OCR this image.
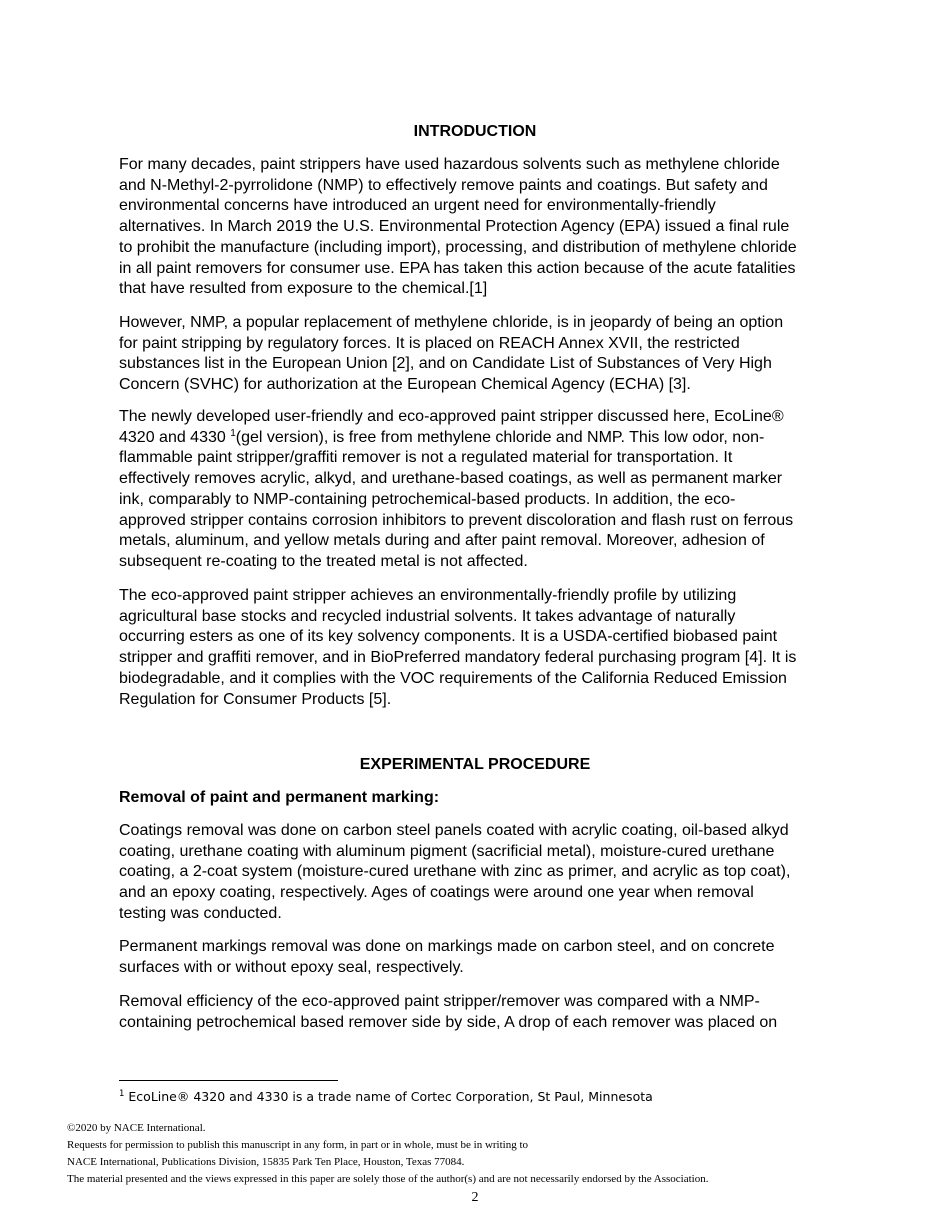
INTRODUCTION

For many decades, paint strippers have used hazardous solvents such as methylene chloride
and N-Methyl-2-pyrrolidone (NMP) to effectively remove paints and coatings. But safety and
environmental concerns have introduced an urgent need for environmentally-friendly
alternatives. In March 2019 the U.S. Environmental Protection Agency (EPA) issued a final rule
to prohibit the manufacture (including import), processing, and distribution of methylene chloride
in all paint removers for consumer use. EPA has taken this action because of the acute fatalities
that have resulted from exposure to the chemical.[1]

However, NMP, a popular replacement of methylene chloride, is in jeopardy of being an option
for paint stripping by regulatory forces. It is placed on REACH Annex XVII, the restricted
substances list in the European Union [2], and on Candidate List of Substances of Very High
Concern (SVHC) for authorization at the European Chemical Agency (ECHA) [3].

The newly developed user-friendly and eco-approved paint stripper discussed here, EcoLine®
4320 and 4330 $^1$(gel version), is free from methylene chloride and NMP. This low odor, non-
flammable paint stripper/graffiti remover is not a regulated material for transportation. It
effectively removes acrylic, alkyd, and urethane-based coatings, as well as permanent marker
ink, comparably to NMP-containing petrochemical-based products. In addition, the eco-
approved stripper contains corrosion inhibitors to prevent discoloration and flash rust on ferrous
metals, aluminum, and yellow metals during and after paint removal. Moreover, adhesion of
subsequent re-coating to the treated metal is not affected.

The eco-approved paint stripper achieves an environmentally-friendly profile by utilizing
agricultural base stocks and recycled industrial solvents. It takes advantage of naturally
occurring esters as one of its key solvency components. It is a USDA-certified biobased paint
stripper and graffiti remover, and in BioPreferred mandatory federal purchasing program [4]. It is
biodegradable, and it complies with the VOC requirements of the California Reduced Emission
Regulation for Consumer Products [5].

EXPERIMENTAL PROCEDURE
Removal of paint and permanent marking:

Coatings removal was done on carbon steel panels coated with acrylic coating, oil-based alkyd
coating, urethane coating with aluminum pigment (sacrificial metal), moisture-cured urethane
coating, a 2-coat system (moisture-cured urethane with zinc as primer, and acrylic as top coat),
and an epoxy coating, respectively. Ages of coatings were around one year when removal
testing was conducted.

Permanent markings removal was done on markings made on carbon steel, and on concrete
surfaces with or without epoxy seal, respectively.

Removal efficiency of the eco-approved paint stripper/remover was compared with a NMP-
containing petrochemical based remover side by side, A drop of each remover was placed on

$^1$ EcoLine® 4320 and 4330 is a trade name of Cortec Corporation, St Paul, Minnesota
©2020 by NACE International.
Requests for permission to publish this manuscript in any form, in part or in whole, must be in writing to
NACE International, Publications Division, 15835 Park Ten Place, Houston, Texas 77084.
The material presented and the views expressed in this paper are solely those of the author(s) and are not necessarily endorsed by the Association.
2
